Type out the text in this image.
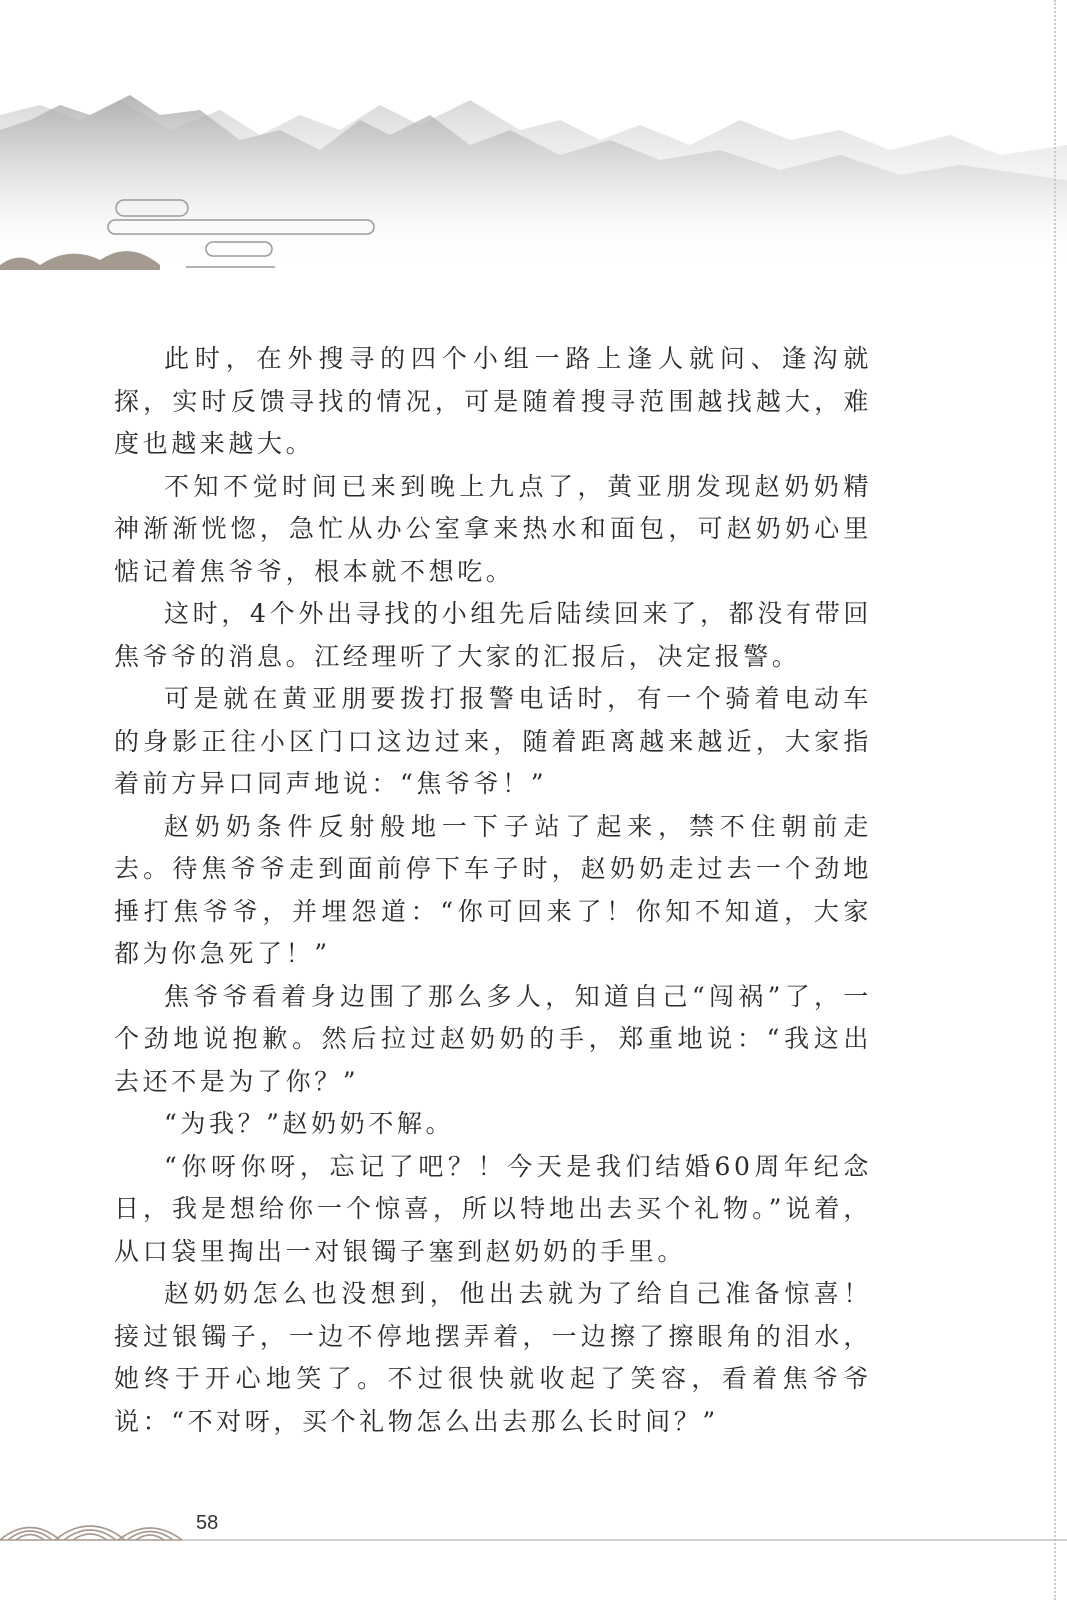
此时，在外搜寻的四个小组一路上逢人就问、逢沟就探，实时反馈寻找的情况，可是随着搜寻范围越找越大，难度也越来越大。

不知不觉时间已来到晚上九点了，黄亚朋发现赵奶奶精神渐渐恍惚，急忙从办公室拿来热水和面包，可赵奶奶心里惦记着焦爷爷，根本就不想吃。

这时，4个外出寻找的小组先后陆续回来了，都没有带回焦爷爷的消息。江经理听了大家的汇报后，决定报警。

可是就在黄亚朋要拨打报警电话时，有一个骑着电动车的身影正往小区门口这边过来，随着距离越来越近，大家指着前方异口同声地说：“焦爷爷！”

赵奶奶条件反射般地一下子站了起来，禁不住朝前走去。待焦爷爷走到面前停下车子时，赵奶奶走过去一个劲地捶打焦爷爷，并埋怨道：“你可回来了！你知不知道，大家都为你急死了！”

焦爷爷看着身边围了那么多人，知道自己“闯祸”了，一个劲地说抱歉。然后拉过赵奶奶的手，郑重地说：“我这出去还不是为了你？”

“为我？”赵奶奶不解。

“你呀你呀，忘记了吧？！今天是我们结婚60周年纪念日，我是想给你一个惊喜，所以特地出去买个礼物。”说着，从口袋里掏出一对银镯子塞到赵奶奶的手里。

赵奶奶怎么也没想到，他出去就为了给自己准备惊喜！接过银镯子，一边不停地摆弄着，一边擦了擦眼角的泪水，她终于开心地笑了。不过很快就收起了笑容，看着焦爷爷说：“不对呀，买个礼物怎么出去那么长时间？”

58
